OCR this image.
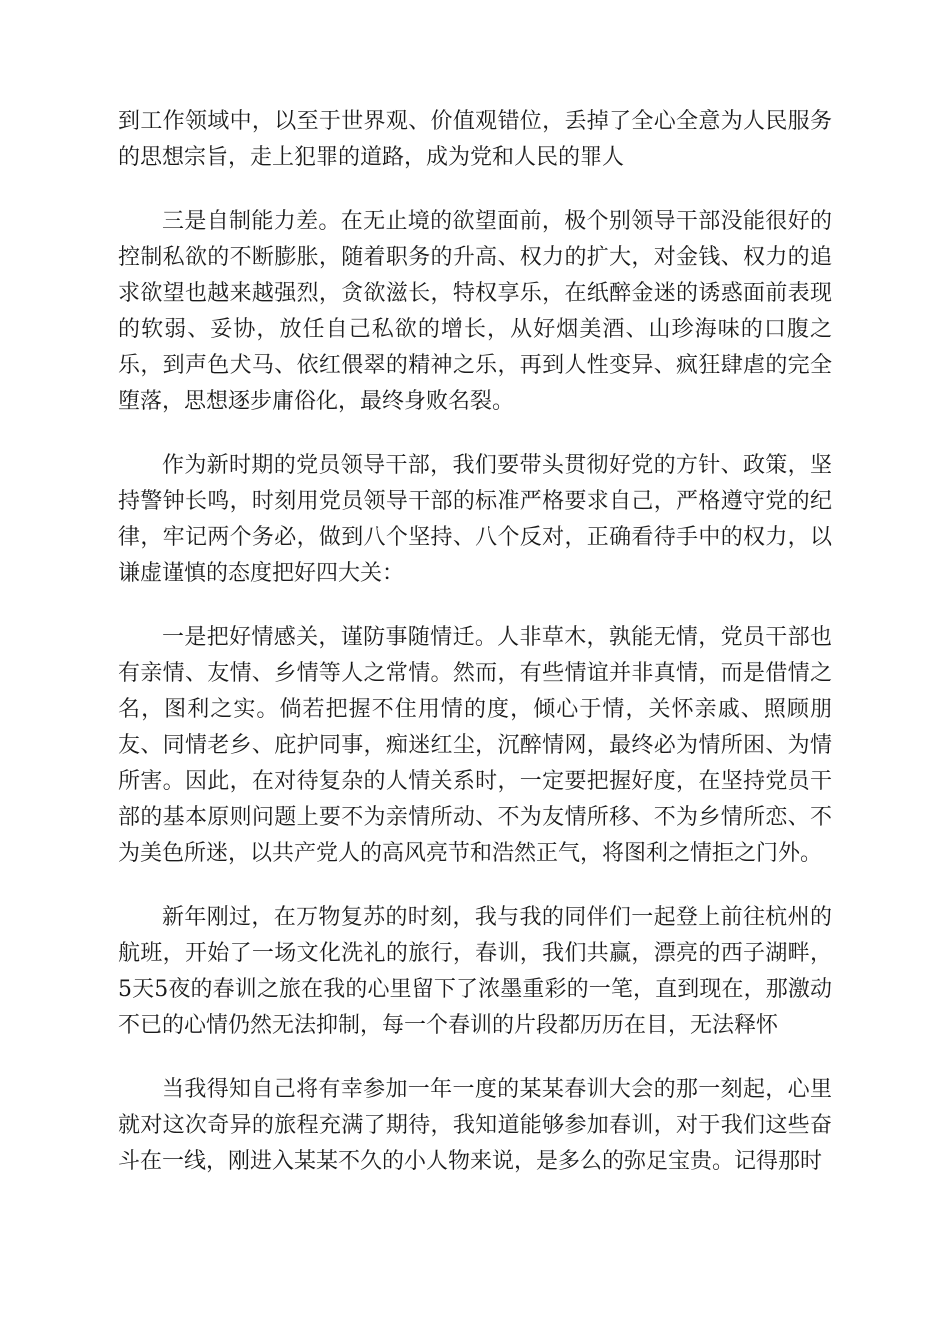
到工作领域中，以至于世界观、价值观错位，丢掉了全心全意为人民服务的思想宗旨，走上犯罪的道路，成为党和人民的罪人

三是自制能力差。在无止境的欲望面前，极个别领导干部没能很好的控制私欲的不断膨胀，随着职务的升高、权力的扩大，对金钱、权力的追求欲望也越来越强烈，贪欲滋长，特权享乐，在纸醉金迷的诱惑面前表现的软弱、妥协，放任自己私欲的增长，从好烟美酒、山珍海味的口腹之乐，到声色犬马、依红偎翠的精神之乐，再到人性变异、疯狂肆虐的完全堕落，思想逐步庸俗化，最终身败名裂。

作为新时期的党员领导干部，我们要带头贯彻好党的方针、政策，坚持警钟长鸣，时刻用党员领导干部的标准严格要求自己，严格遵守党的纪律，牢记两个务必，做到八个坚持、八个反对，正确看待手中的权力，以谦虚谨慎的态度把好四大关：

一是把好情感关，谨防事随情迁。人非草木，孰能无情，党员干部也有亲情、友情、乡情等人之常情。然而，有些情谊并非真情，而是借情之名，图利之实。倘若把握不住用情的度，倾心于情，关怀亲戚、照顾朋友、同情老乡、庇护同事，痴迷红尘，沉醉情网，最终必为情所困、为情所害。因此，在对待复杂的人情关系时，一定要把握好度，在坚持党员干部的基本原则问题上要不为亲情所动、不为友情所移、不为乡情所恋、不为美色所迷，以共产党人的高风亮节和浩然正气，将图利之情拒之门外。

新年刚过，在万物复苏的时刻，我与我的同伴们一起登上前往杭州的航班，开始了一场文化洗礼的旅行，春训，我们共赢，漂亮的西子湖畔，5天5夜的春训之旅在我的心里留下了浓墨重彩的一笔，直到现在，那激动不已的心情仍然无法抑制，每一个春训的片段都历历在目，无法释怀

当我得知自己将有幸参加一年一度的某某春训大会的那一刻起，心里就对这次奇异的旅程充满了期待，我知道能够参加春训，对于我们这些奋斗在一线，刚进入某某不久的小人物来说，是多么的弥足宝贵。记得那时
